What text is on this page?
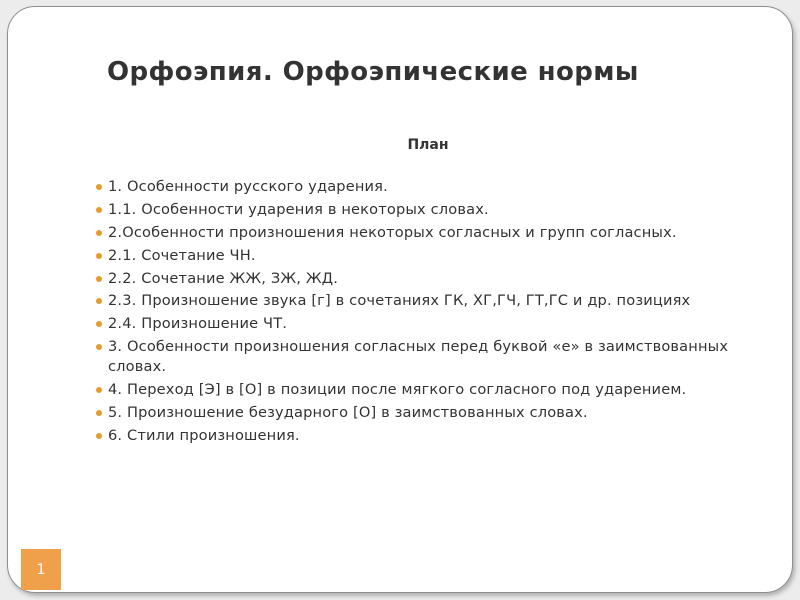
Орфоэпия. Орфоэпические нормы
План
1. Особенности русского ударения.
1.1. Особенности ударения в некоторых словах.
2.Особенности произношения некоторых согласных и групп согласных.
2.1. Сочетание ЧН.
2.2. Сочетание ЖЖ, ЗЖ, ЖД.
2.3. Произношение звука [г] в сочетаниях ГК, ХГ,ГЧ, ГТ,ГС и др. позициях
2.4. Произношение ЧТ.
3. Особенности произношения согласных перед буквой «е» в заимствованных словах.
4. Переход [Э] в [О] в позиции после мягкого согласного под ударением.
5. Произношение безударного [О] в заимствованных словах.
6. Стили произношения.
1
